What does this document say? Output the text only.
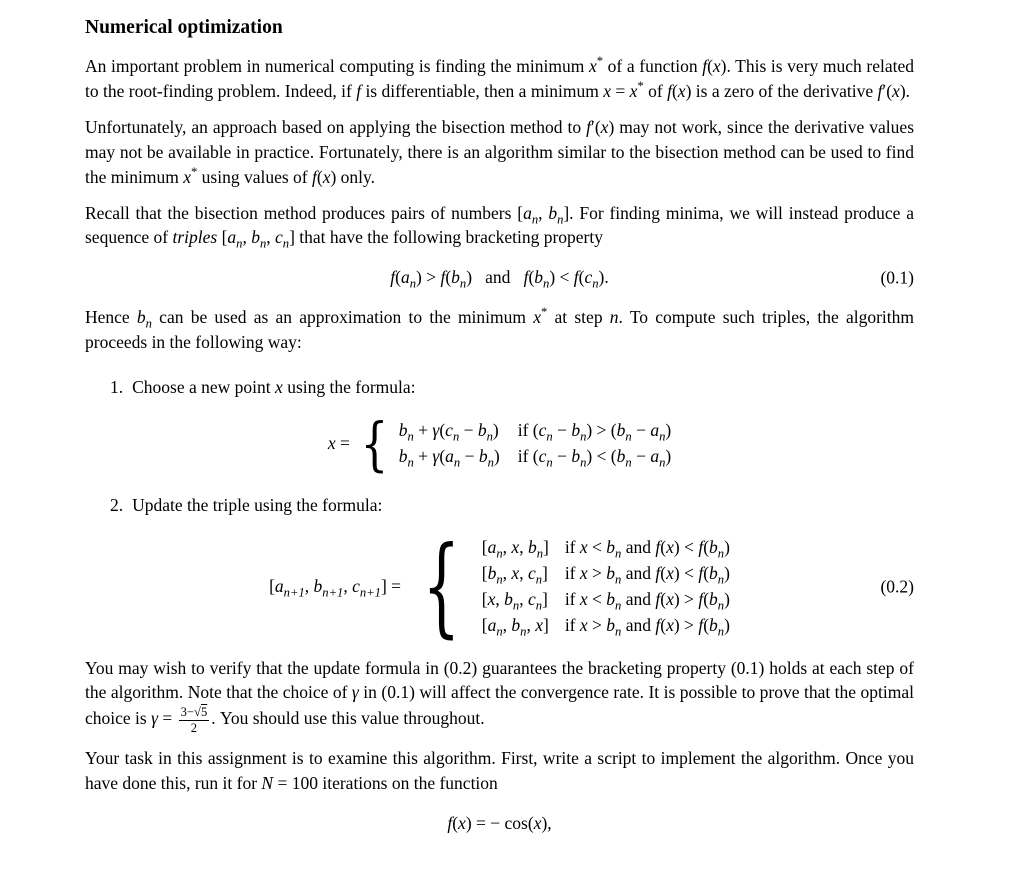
Numerical optimization

An important problem in numerical computing is finding the minimum x* of a function f(x). This is very much related to the root-finding problem. Indeed, if f is differentiable, then a minimum x = x* of f(x) is a zero of the derivative f′(x).

Unfortunately, an approach based on applying the bisection method to f′(x) may not work, since the derivative values may not be available in practice. Fortunately, there is an algorithm similar to the bisection method can be used to find the minimum x* using values of f(x) only.

Recall that the bisection method produces pairs of numbers [$a_n$, $b_n$]. For finding minima, we will instead produce a sequence of triples [$a_n$, $b_n$, $c_n$] that have the following bracketing property

$f(a_n) > f(b_n)$   and   $f(b_n) < f(c_n)$.	(0.1)

Hence $b_n$ can be used as an approximation to the minimum x* at step n. To compute such triples, the algorithm proceeds in the following way:

1. Choose a new point x using the formula:
x = { $b_n + \gamma(c_n - b_n)$ if $(c_n - b_n) > (b_n - a_n)$
$b_n + \gamma(a_n - b_n)$ if $(c_n - b_n) < (b_n - a_n)$
2. Update the triple using the formula:
[$a_{n+1}$, $b_{n+1}$, $c_{n+1}$] = { [$a_n$, x, $b_n$] if $x < b_n$ and $f(x) < f(b_n)$
[$b_n$, x, $c_n$] if $x > b_n$ and $f(x) < f(b_n)$
[x, $b_n$, $c_n$] if $x < b_n$ and $f(x) > f(b_n)$
[$a_n$, $b_n$, x] if $x > b_n$ and $f(x) > f(b_n)$
(0.2)

You may wish to verify that the update formula in (0.2) guarantees the bracketing property (0.1) holds at each step of the algorithm. Note that the choice of γ in (0.1) will affect the convergence rate. It is possible to prove that the optimal choice is $\gamma = \frac{3-√5}{2}$ . You should use this value throughout.

Your task in this assignment is to examine this algorithm. First, write a script to implement the algorithm. Once you have done this, run it for N = 100 iterations on the function

f(x) = − cos(x),
